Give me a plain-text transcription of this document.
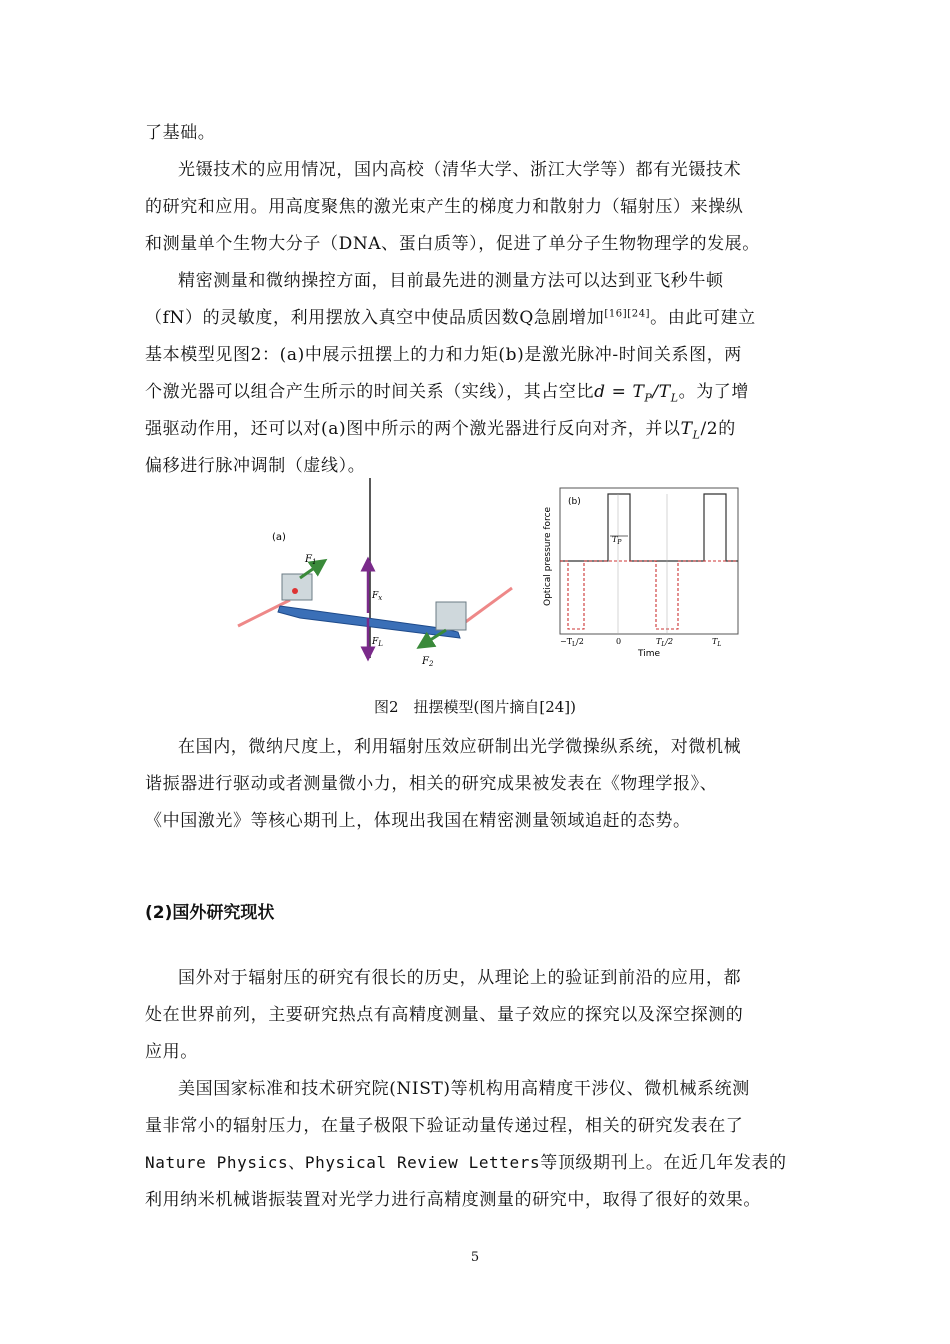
了基础。
光镊技术的应用情况，国内高校（清华大学、浙江大学等）都有光镊技术
的研究和应用。用高度聚焦的激光束产生的梯度力和散射力（辐射压）来操纵
和测量单个生物大分子（DNA、蛋白质等），促进了单分子生物物理学的发展。
精密测量和微纳操控方面，目前最先进的测量方法可以达到亚飞秒牛顿
（fN）的灵敏度，利用摆放入真空中使品质因数Q急剧增加[16][24]。由此可建立
基本模型见图2：(a)中展示扭摆上的力和力矩(b)是激光脉冲-时间关系图，两
个激光器可以组合产生所示的时间关系（实线），其占空比$d = T_P/T_L$。为了增
强驱动作用，还可以对(a)图中所示的两个激光器进行反向对齐，并以$T_L/2$的
偏移进行脉冲调制（虚线）。
(a)
$F_1$
$F_2$
$F_x$
$F_L$
(b)
Optical pressure force	$T_P$
$-T_L/2$	0	$T_L/2$	$T_L$
Time
图2　扭摆模型(图片摘自[24])
在国内，微纳尺度上，利用辐射压效应研制出光学微操纵系统，对微机械
谐振器进行驱动或者测量微小力，相关的研究成果被发表在《物理学报》、
《中国激光》等核心期刊上，体现出我国在精密测量领域追赶的态势。
(2)国外研究现状
国外对于辐射压的研究有很长的历史，从理论上的验证到前沿的应用，都
处在世界前列，主要研究热点有高精度测量、量子效应的探究以及深空探测的
应用。
美国国家标准和技术研究院(NIST)等机构用高精度干涉仪、微机械系统测
量非常小的辐射压力，在量子极限下验证动量传递过程，相关的研究发表在了
Nature Physics、Physical Review Letters等顶级期刊上。在近几年发表的
利用纳米机械谐振装置对光学力进行高精度测量的研究中，取得了很好的效果。
5
